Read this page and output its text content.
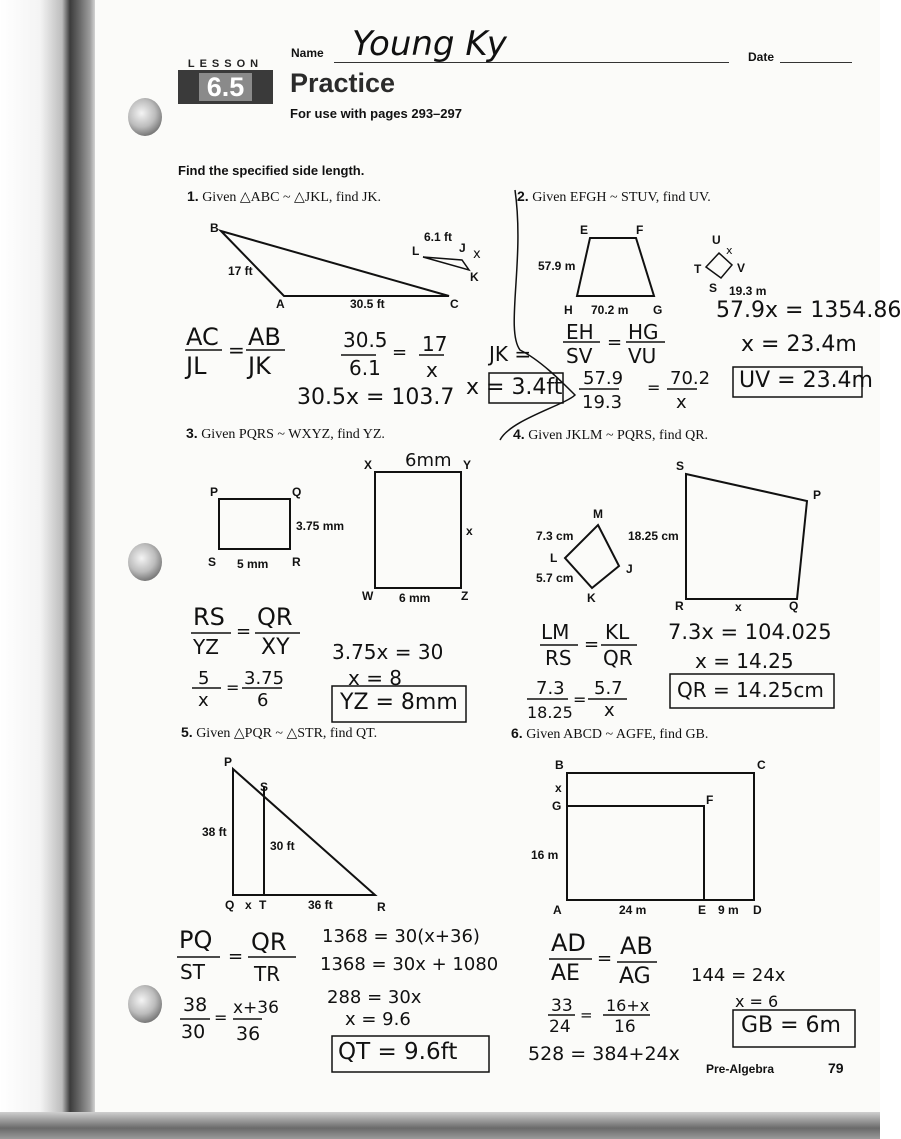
LESSON
6.5	Practice
For use with pages 293–297
Name Young Ky	Date
Find the specified side length.
1. Given △ABC ~ △JKL, find JK.	2. Given EFGH ~ STUV, find UV.
3. Given PQRS ~ WXYZ, find YZ.	4. Given JKLM ~ PQRS, find QR.
5. Given △PQR ~ △STR, find QT.	6. Given ABCD ~ AGFE, find GB.
B
17 ft
A	30.5 ft	C
6.1 ft
L	J
K
x
E	F
57.9 m
H 70.2 m G
U
x
T	V
S 19.3 m
P	Q
3.75 mm
S 5 mm R
X	Y
6mm
x
W 6 mm	Z
S
P
M
7.3 cm	18.25 cm
L
5.7 cm
J
K
R	x	Q
P
S
38 ft
30 ft
Q x T	36 ft	R
B	C
x
G	F
16 m
A	24 m	E 9 m D
AC
JL
= AB
JK
30.5
6.1
= 17
x
30.5x = 103.7
JK =
x = 3.4ft
57.9x = 1354.86
EH
SV
= HG
VU	x = 23.4m
57.9
19.3
= 70.2
x
UV = 23.4m
RS
YZ
=
QR
XY 3.75x = 30
x = 8
5
x
= 3.75
6	YZ = 8mm
LM
RS
=
KL
QR
7.3x = 104.025
x = 14.25
7.3
18.25
=
5.7
x
QR = 14.25cm
PQ
ST
=
QR
TR
1368 = 30(x+36)
1368 = 30x + 1080
288 = 30x
x = 9.6
38
30
= x+36
36
QT = 9.6ft
AD
AE
= AB
AG 144 = 24x
x = 6
33
24
= 16+x
16
528 = 384+24x
GB = 6m
Pre-Algebra	79
